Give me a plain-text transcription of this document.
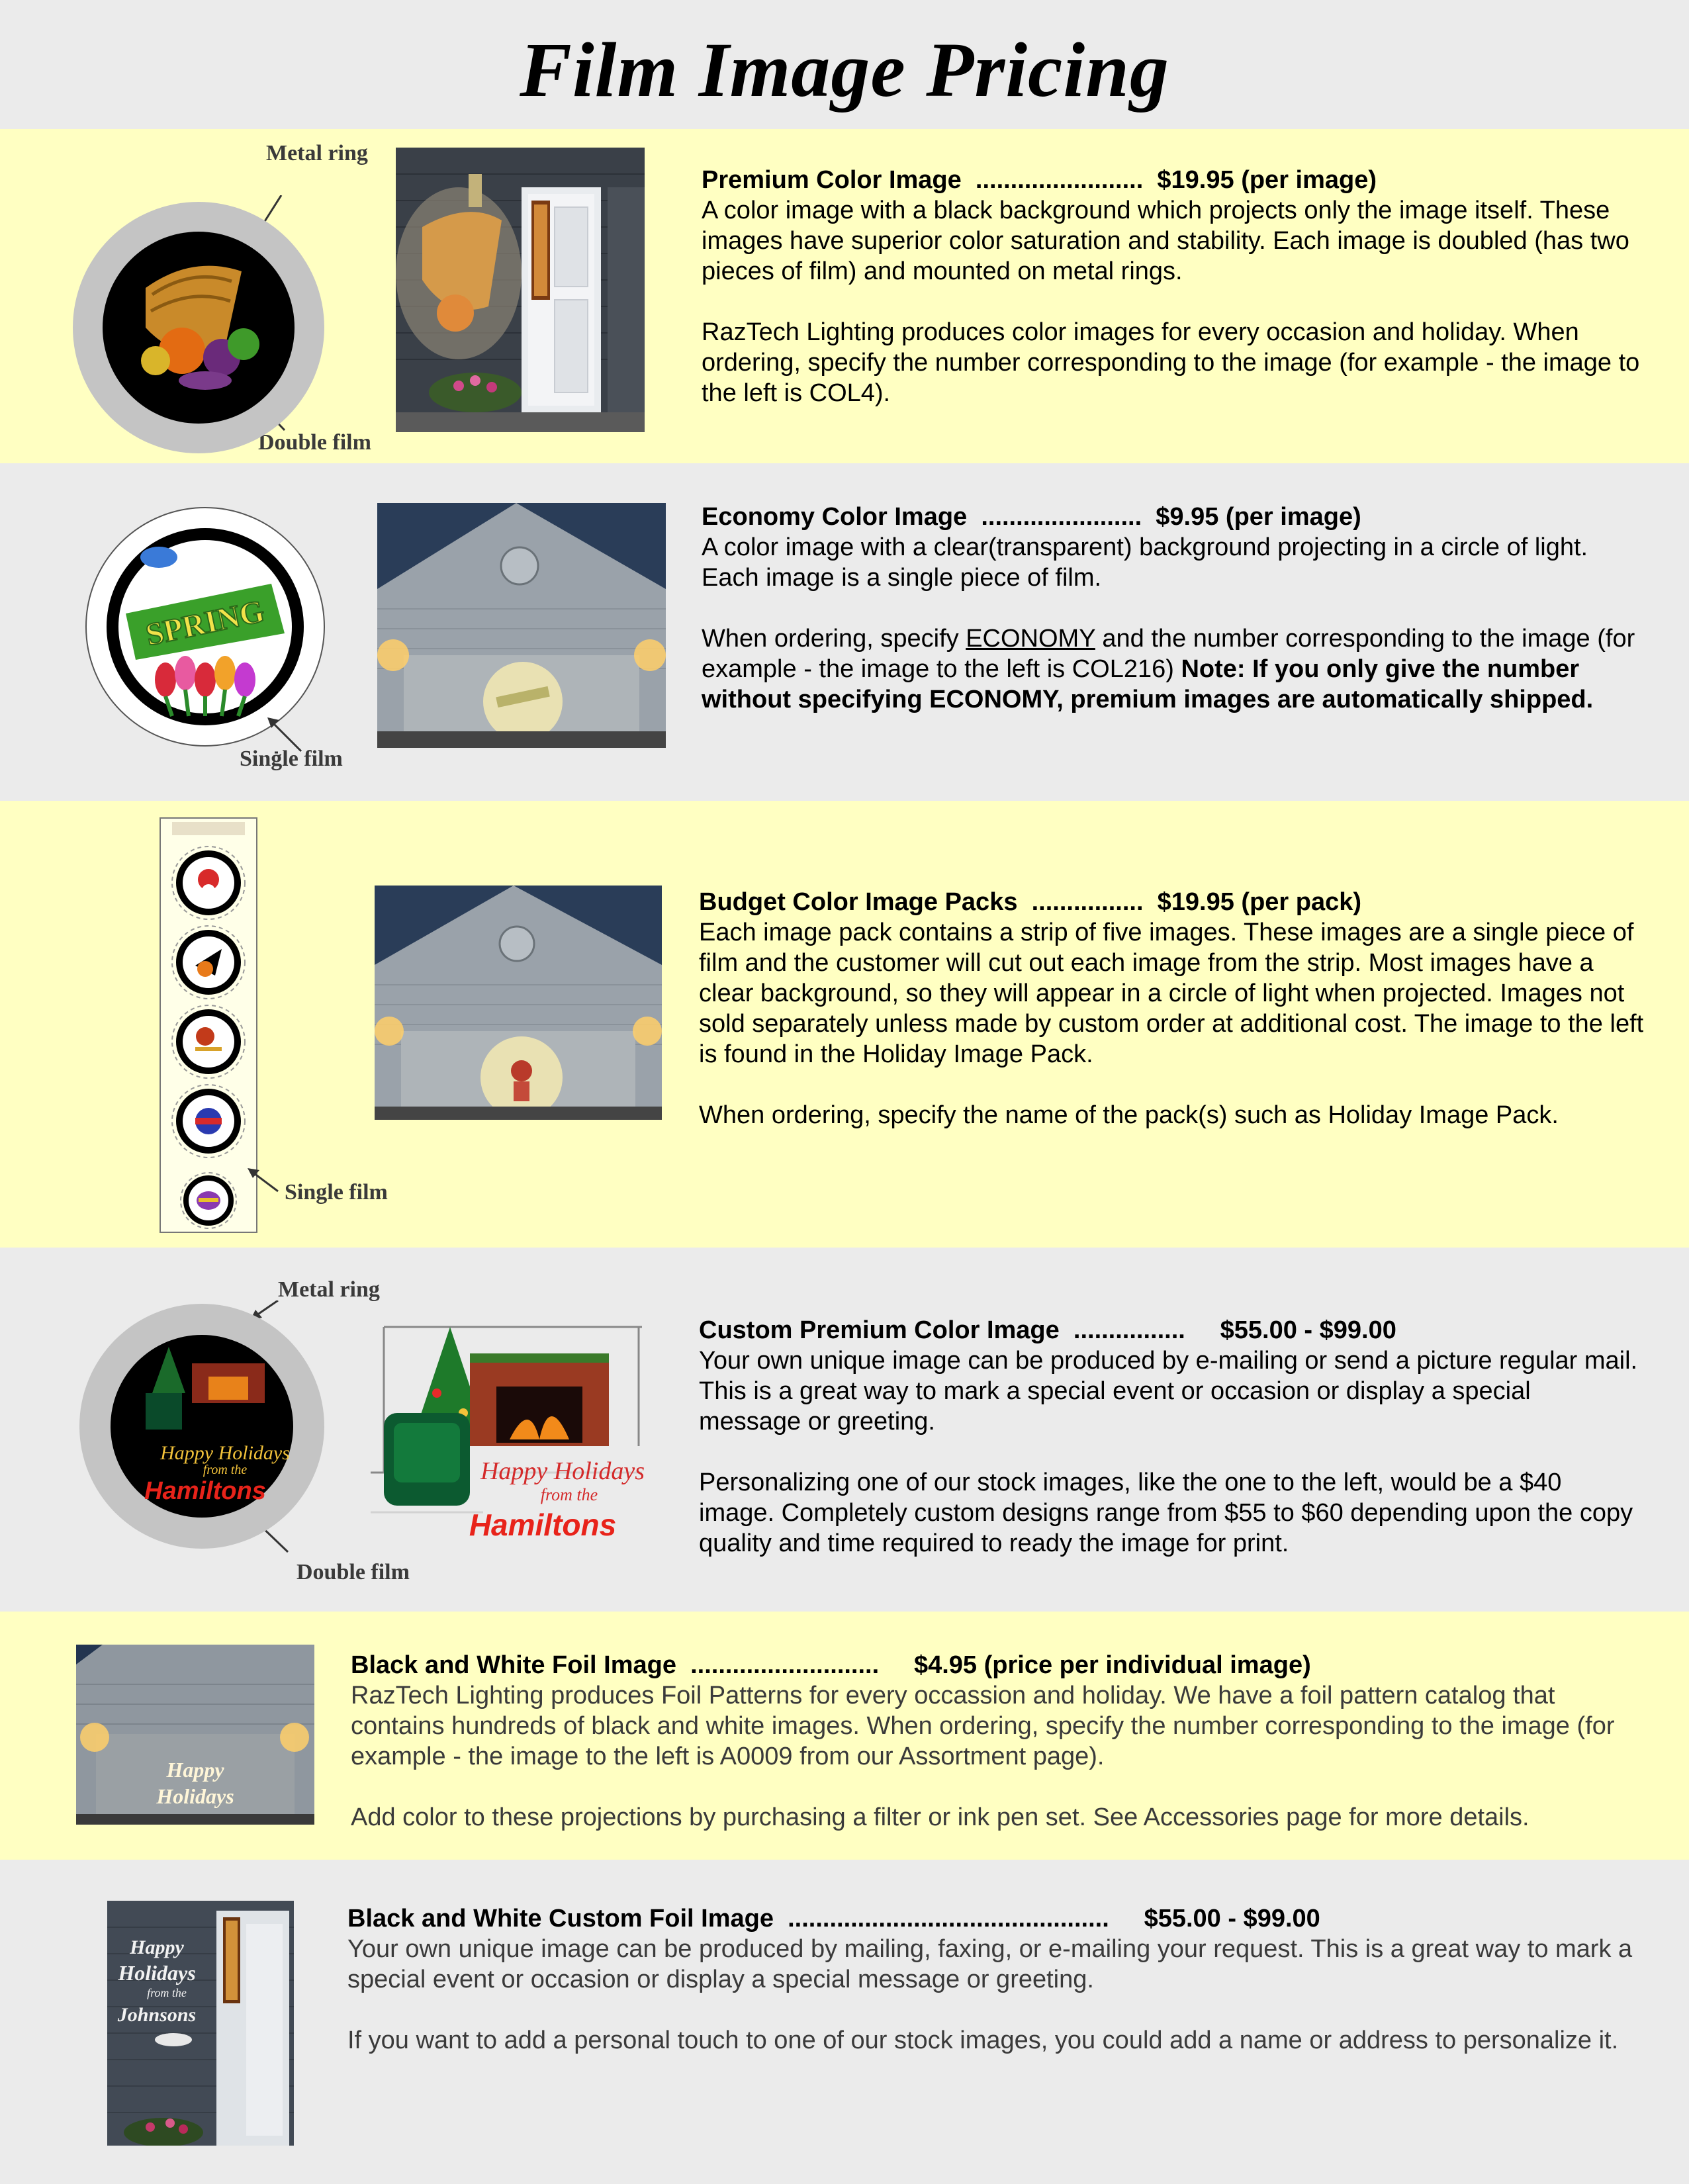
Film Image Pricing
Metal ring
Double film

Premium Color Image ........................ $19.95 (per image)

A color image with a black background which projects only the image itself. These images have superior color saturation and stability. Each image is doubled (has two pieces of film) and mounted on metal rings.

RazTech Lighting produces color images for every occasion and holiday. When ordering, specify the number corresponding to the image (for example - the image to the left is COL4).

SPRING
Single film

Economy Color Image ....................... $9.95 (per image)

A color image with a clear(transparent) background projecting in a circle of light. Each image is a single piece of film.

When ordering, specify ECONOMY and the number corresponding to the image (for example - the image to the left is COL216) Note: If you only give the number without specifying ECONOMY, premium images are automatically shipped.

Single film

Budget Color Image Packs ................ $19.95 (per pack)

Each image pack contains a strip of five images. These images are a single piece of film and the customer will cut out each image from the strip. Most images have a clear background, so they will appear in a circle of light when projected. Images not sold separately unless made by custom order at additional cost. The image to the left is found in the Holiday Image Pack.

When ordering, specify the name of the pack(s) such as Holiday Image Pack.

Metal ring
Double film
Happy Holidays
from the
Hamiltons
Happy Holidays
from the
Hamiltons

Custom Premium Color Image ................ $55.00 - $99.00

Your own unique image can be produced by e-mailing or send a picture regular mail. This is a great way to mark a special event or occasion or display a special message or greeting.

Personalizing one of our stock images, like the one to the left, would be a $40 image. Completely custom designs range from $55 to $60 depending upon the copy quality and time required to ready the image for print.

Happy
Holidays

Black and White Foil Image ........................... $4.95 (price per individual image)

RazTech Lighting produces Foil Patterns for every occassion and holiday. We have a foil pattern catalog that contains hundreds of black and white images. When ordering, specify the number corresponding to the image (for example - the image to the left is A0009 from our Assortment page).

Add color to these projections by purchasing a filter or ink pen set. See Accessories page for more details.

Happy
Holidays
from the
Johnsons

Black and White Custom Foil Image .............................................. $55.00 - $99.00

Your own unique image can be produced by mailing, faxing, or e-mailing your request. This is a great way to mark a special event or occasion or display a special message or greeting.

If you want to add a personal touch to one of our stock images, you could add a name or address to personalize it.
